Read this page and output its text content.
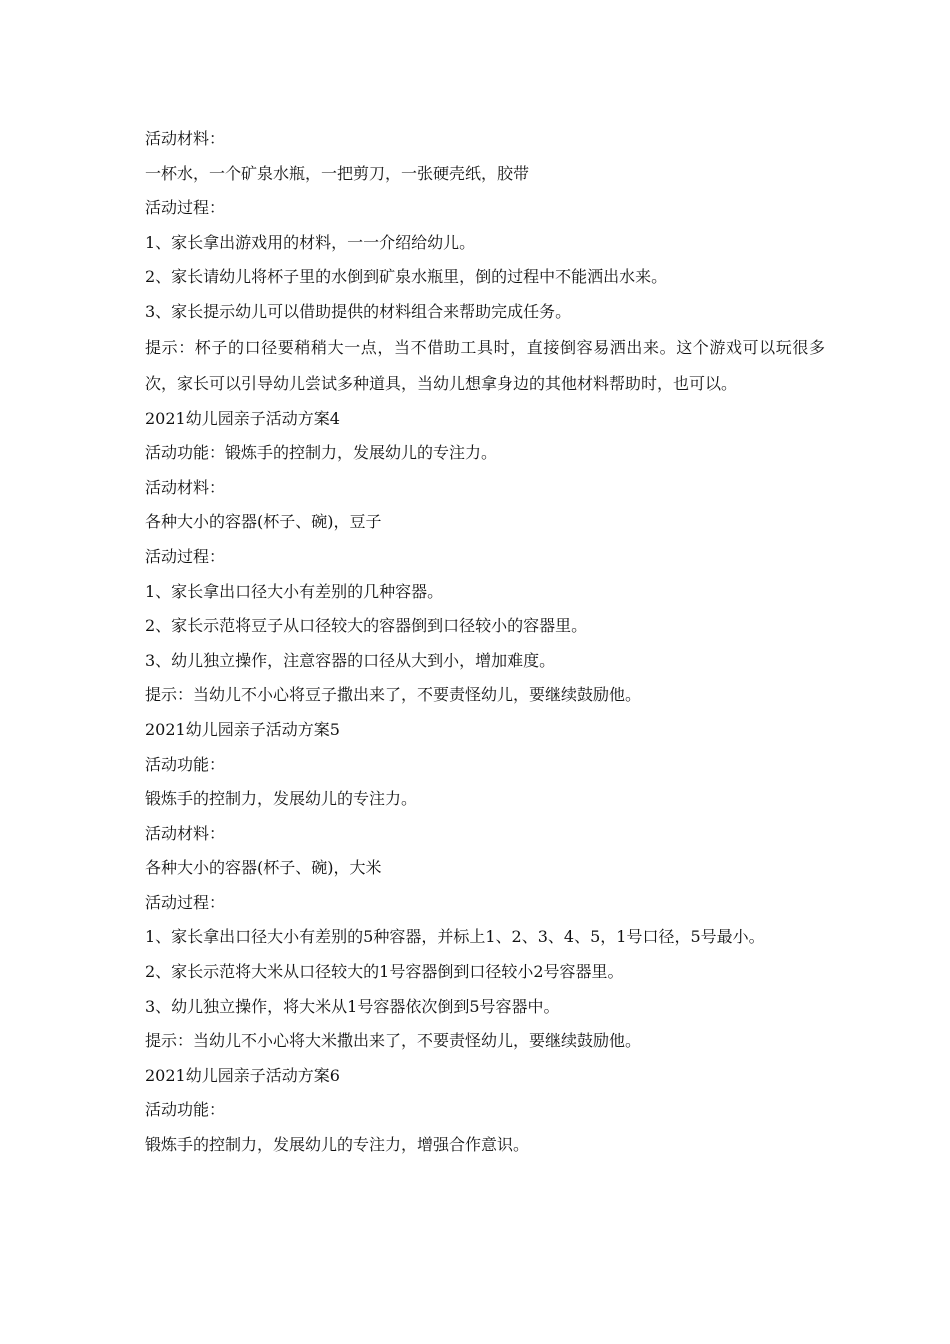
活动材料：

一杯水，一个矿泉水瓶，一把剪刀，一张硬壳纸，胶带

活动过程：

1、家长拿出游戏用的材料，一一介绍给幼儿。

2、家长请幼儿将杯子里的水倒到矿泉水瓶里，倒的过程中不能洒出水来。

3、家长提示幼儿可以借助提供的材料组合来帮助完成任务。

提示：杯子的口径要稍稍大一点，当不借助工具时，直接倒容易洒出来。这个游戏可以玩很多次，家长可以引导幼儿尝试多种道具，当幼儿想拿身边的其他材料帮助时，也可以。

2021幼儿园亲子活动方案4

活动功能：锻炼手的控制力，发展幼儿的专注力。

活动材料：

各种大小的容器(杯子、碗)，豆子

活动过程：

1、家长拿出口径大小有差别的几种容器。

2、家长示范将豆子从口径较大的容器倒到口径较小的容器里。

3、幼儿独立操作，注意容器的口径从大到小，增加难度。

提示：当幼儿不小心将豆子撒出来了，不要责怪幼儿，要继续鼓励他。

2021幼儿园亲子活动方案5

活动功能：

锻炼手的控制力，发展幼儿的专注力。

活动材料：

各种大小的容器(杯子、碗)，大米

活动过程：

1、家长拿出口径大小有差别的5种容器，并标上1、2、3、4、5，1号口径，5号最小。

2、家长示范将大米从口径较大的1号容器倒到口径较小2号容器里。

3、幼儿独立操作，将大米从1号容器依次倒到5号容器中。

提示：当幼儿不小心将大米撒出来了，不要责怪幼儿，要继续鼓励他。

2021幼儿园亲子活动方案6

活动功能：

锻炼手的控制力，发展幼儿的专注力，增强合作意识。
